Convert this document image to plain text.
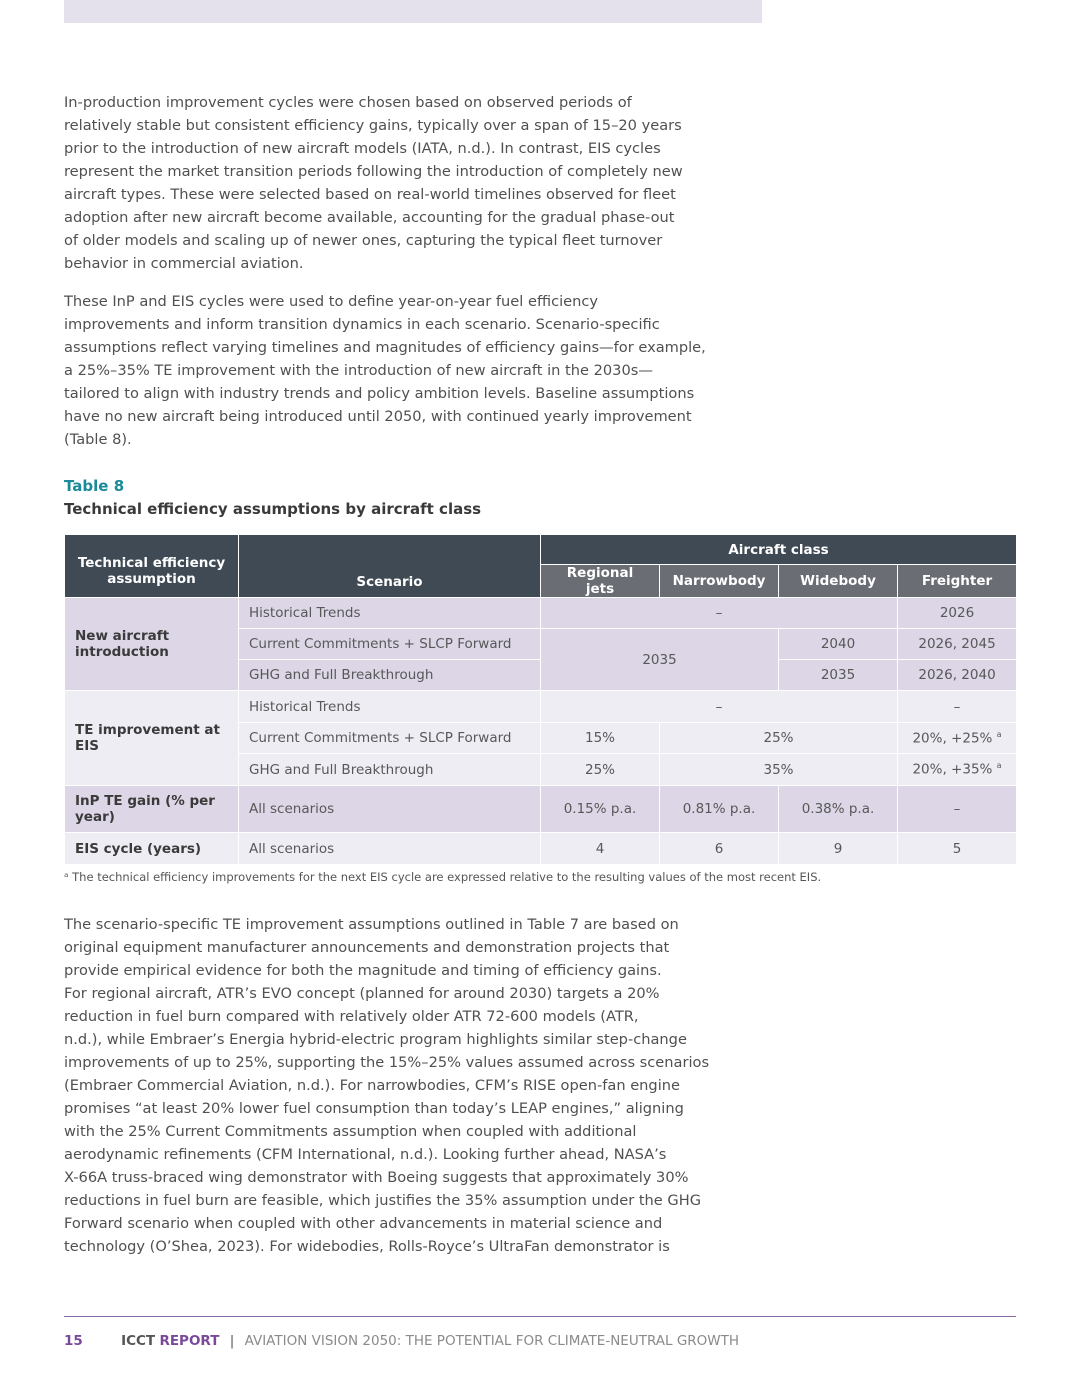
In-production improvement cycles were chosen based on observed periods of
relatively stable but consistent efficiency gains, typically over a span of 15–20 years
prior to the introduction of new aircraft models (IATA, n.d.). In contrast, EIS cycles
represent the market transition periods following the introduction of completely new
aircraft types. These were selected based on real-world timelines observed for fleet
adoption after new aircraft become available, accounting for the gradual phase-out
of older models and scaling up of newer ones, capturing the typical fleet turnover
behavior in commercial aviation.
These InP and EIS cycles were used to define year-on-year fuel efficiency
improvements and inform transition dynamics in each scenario. Scenario-specific
assumptions reflect varying timelines and magnitudes of efficiency gains—for example,
a 25%–35% TE improvement with the introduction of new aircraft in the 2030s—
tailored to align with industry trends and policy ambition levels. Baseline assumptions
have no new aircraft being introduced until 2050, with continued yearly improvement
(Table 8).
Table 8
Technical efficiency assumptions by aircraft class
Technical efficiency assumption	Scenario	Aircraft class			
		Regional jets	Narrowbody	Widebody	Freighter
New aircraft introduction	Historical Trends	–			2026
	Current Commitments + SLCP Forward	2035		2040	2026, 2045
	GHG and Full Breakthrough			2035	2026, 2040
TE improvement at EIS	Historical Trends	–			–
	Current Commitments + SLCP Forward	15%	25%		20%, +25% $^a$
	GHG and Full Breakthrough	25%	35%		20%, +35% $^a$
InP TE gain (% per year)	All scenarios	0.15% p.a.	0.81% p.a.	0.38% p.a.	–
EIS cycle (years)	All scenarios	4	6	9	5
ᵃ The technical efficiency improvements for the next EIS cycle are expressed relative to the resulting values of the most recent EIS.
The scenario-specific TE improvement assumptions outlined in Table 7 are based on
original equipment manufacturer announcements and demonstration projects that
provide empirical evidence for both the magnitude and timing of efficiency gains.
For regional aircraft, ATR’s EVO concept (planned for around 2030) targets a 20%
reduction in fuel burn compared with relatively older ATR 72-600 models (ATR,
n.d.), while Embraer’s Energia hybrid-electric program highlights similar step-change
improvements of up to 25%, supporting the 15%–25% values assumed across scenarios
(Embraer Commercial Aviation, n.d.). For narrowbodies, CFM’s RISE open-fan engine
promises “at least 20% lower fuel consumption than today’s LEAP engines,” aligning
with the 25% Current Commitments assumption when coupled with additional
aerodynamic refinements (CFM International, n.d.). Looking further ahead, NASA’s
X-66A truss-braced wing demonstrator with Boeing suggests that approximately 30%
reductions in fuel burn are feasible, which justifies the 35% assumption under the GHG
Forward scenario when coupled with other advancements in material science and
technology (O’Shea, 2023). For widebodies, Rolls-Royce’s UltraFan demonstrator is
15	ICCT REPORT | AVIATION VISION 2050: THE POTENTIAL FOR CLIMATE-NEUTRAL GROWTH
